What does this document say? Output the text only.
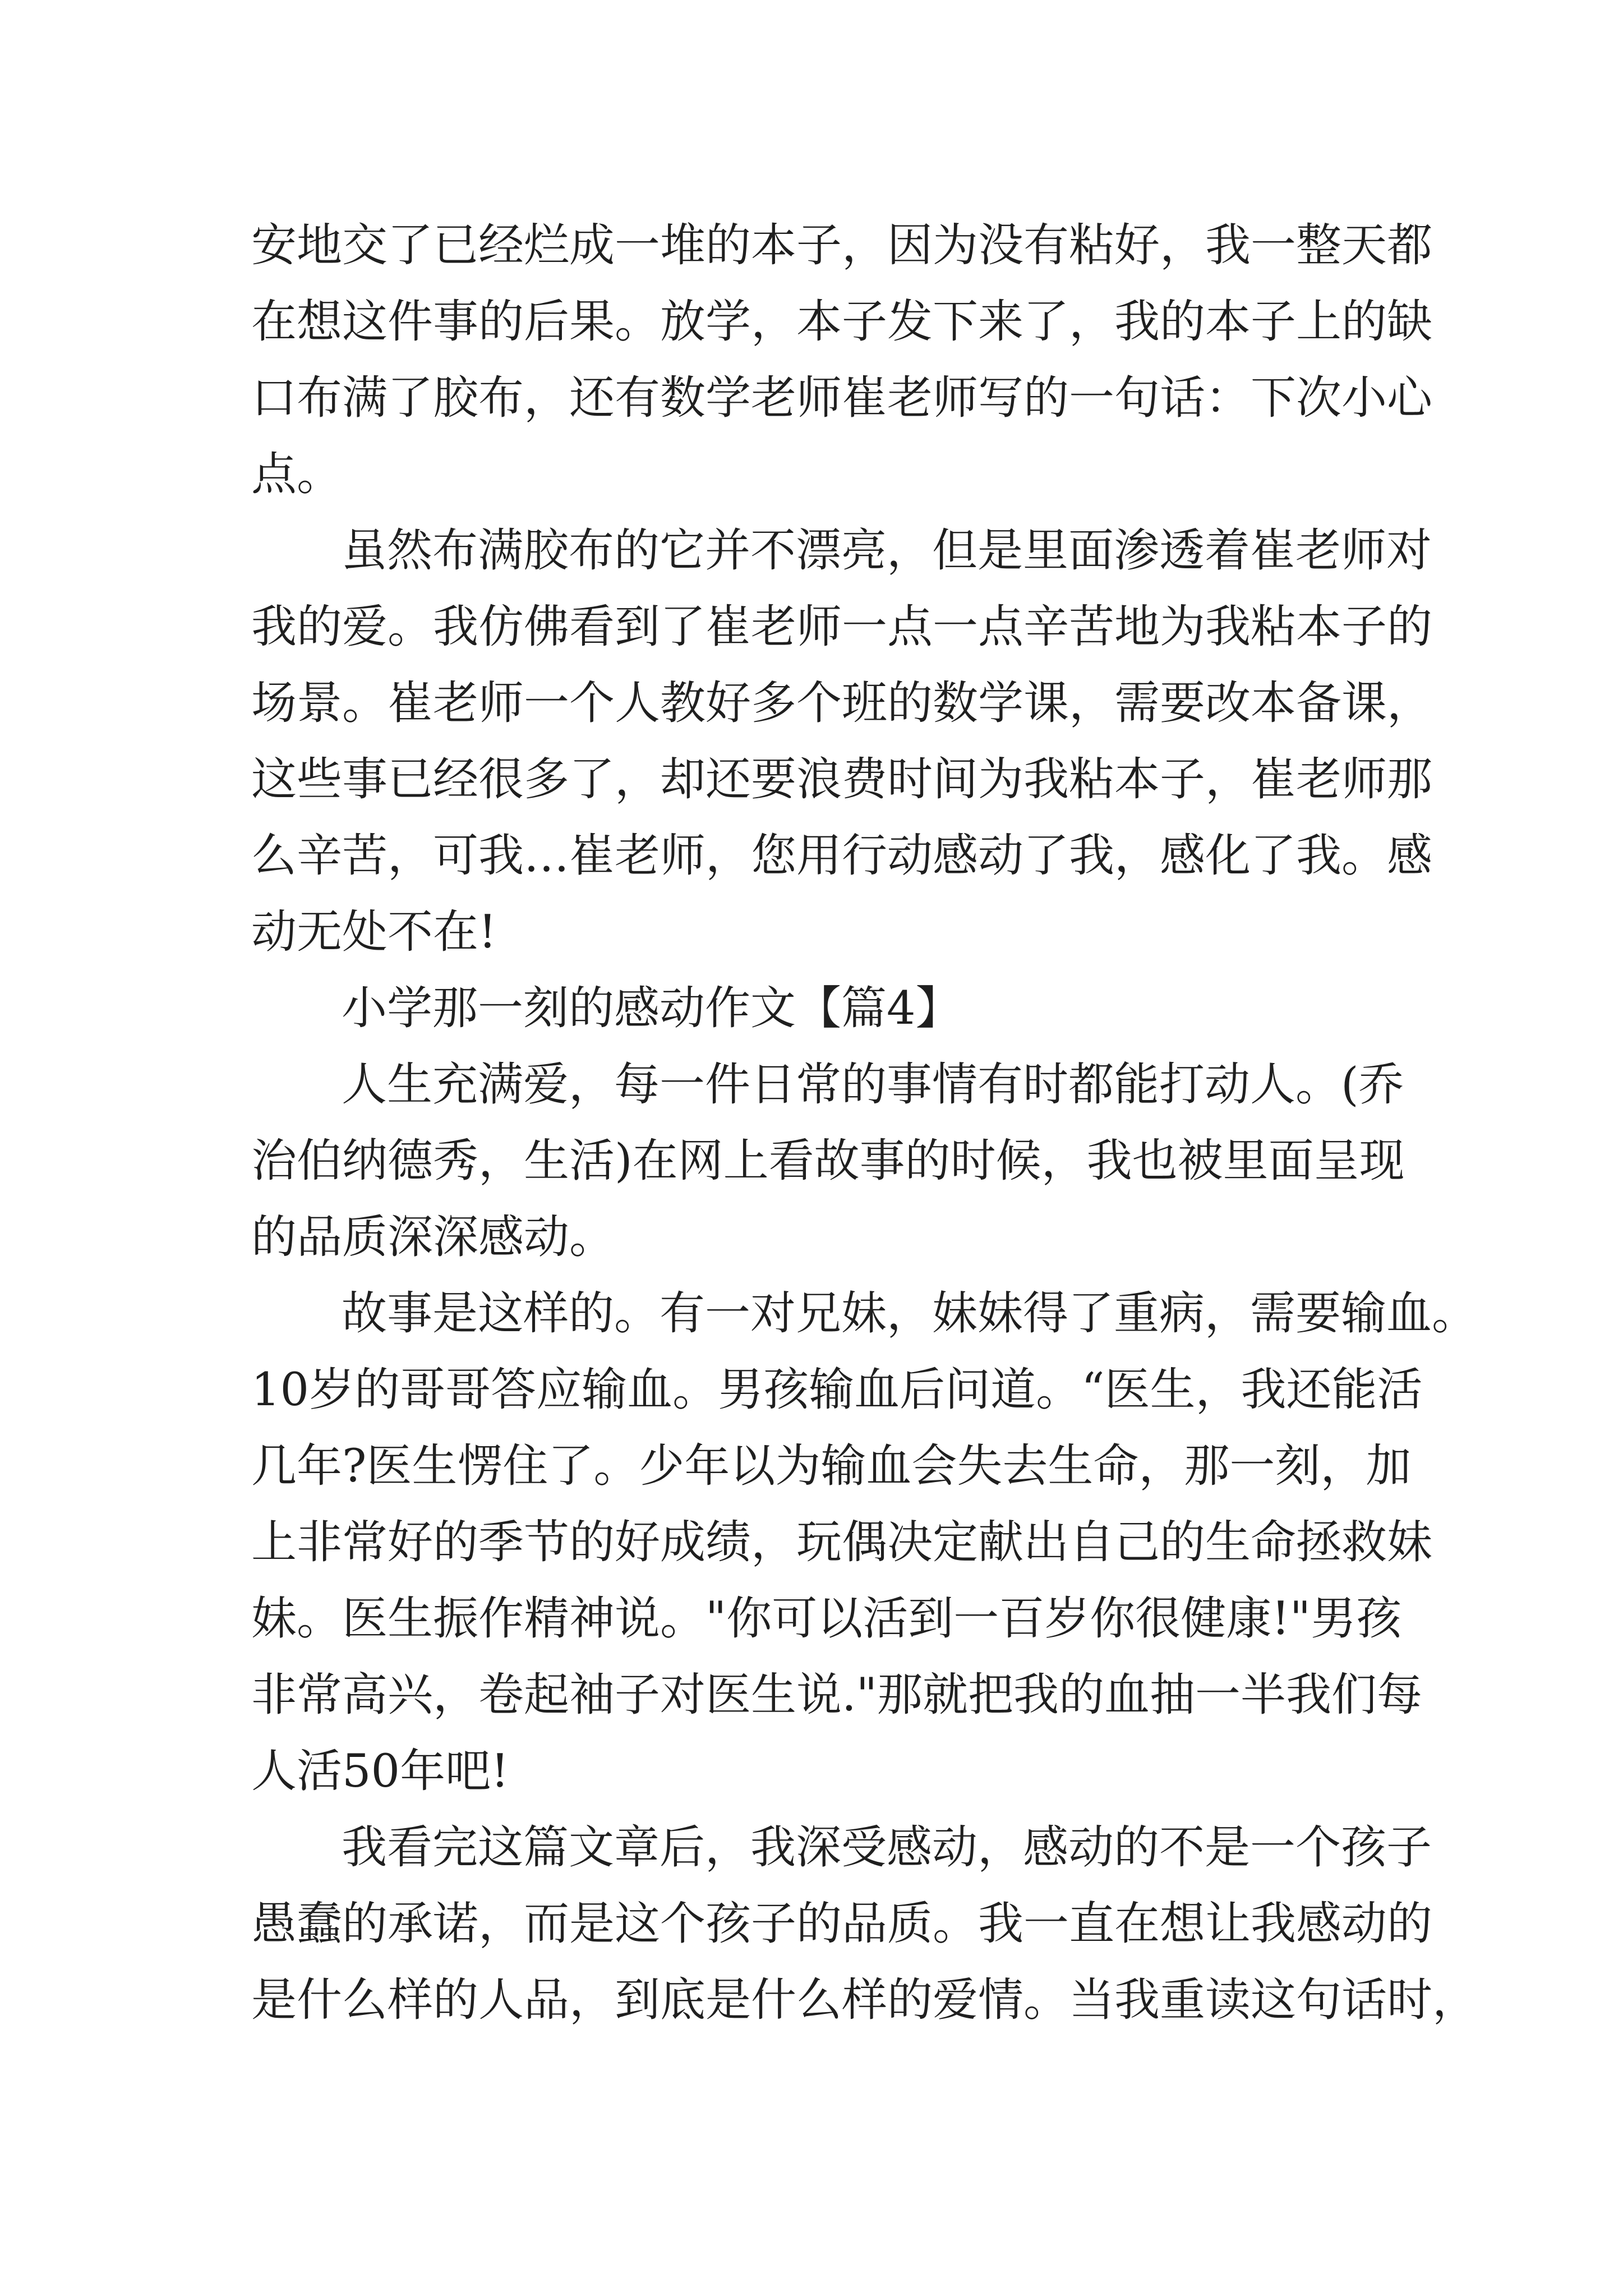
安地交了已经烂成一堆的本子，因为没有粘好，我一整天都
在想这件事的后果。放学，本子发下来了，我的本子上的缺
口布满了胶布，还有数学老师崔老师写的一句话：下次小心
点。
虽然布满胶布的它并不漂亮，但是里面渗透着崔老师对
我的爱。我仿佛看到了崔老师一点一点辛苦地为我粘本子的
场景。崔老师一个人教好多个班的数学课，需要改本备课，
这些事已经很多了，却还要浪费时间为我粘本子，崔老师那
么辛苦，可我…崔老师，您用行动感动了我，感化了我。感
动无处不在!
小学那一刻的感动作文【篇4】
人生充满爱，每一件日常的事情有时都能打动人。(乔
治伯纳德秀，生活)在网上看故事的时候，我也被里面呈现
的品质深深感动。
故事是这样的。有一对兄妹，妹妹得了重病，需要输血。
10岁的哥哥答应输血。男孩输血后问道。“医生，我还能活
几年?医生愣住了。少年以为输血会失去生命，那一刻，加
上非常好的季节的好成绩，玩偶决定献出自己的生命拯救妹
妹。医生振作精神说。"你可以活到一百岁你很健康!"男孩
非常高兴，卷起袖子对医生说."那就把我的血抽一半我们每
人活50年吧!
我看完这篇文章后，我深受感动，感动的不是一个孩子
愚蠢的承诺，而是这个孩子的品质。我一直在想让我感动的
是什么样的人品，到底是什么样的爱情。当我重读这句话时，
